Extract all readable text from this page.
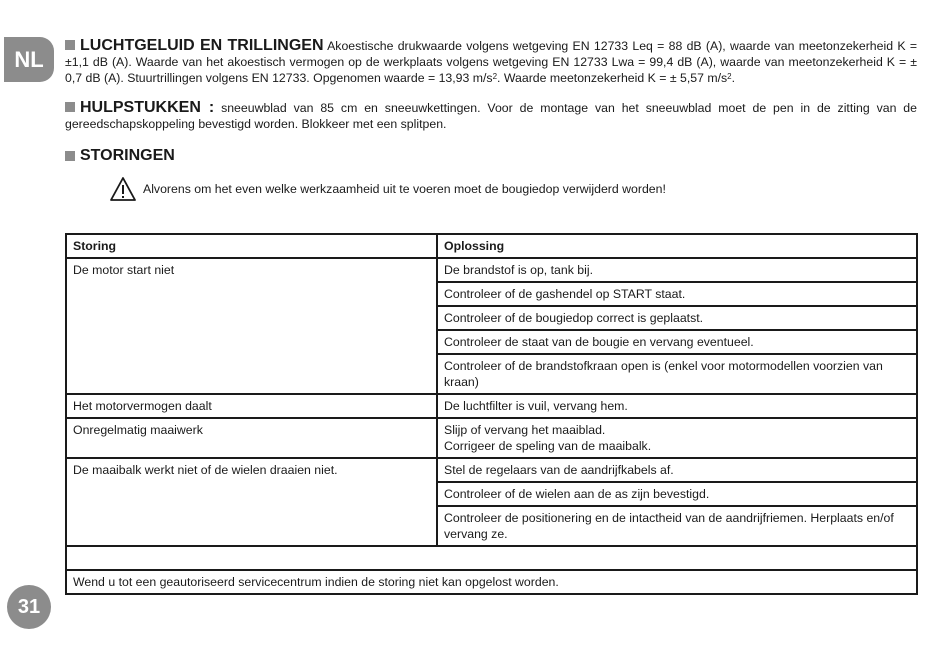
NL

LUCHTGELUID EN TRILLINGEN Akoestische drukwaarde volgens wetgeving EN 12733 Leq = 88 dB (A), waarde van meetonzekerheid K = ±1,1 dB (A). Waarde van het akoestisch vermogen op de werkplaats volgens wetgeving EN 12733 Lwa = 99,4 dB (A), waarde van meetonzekerheid K = ± 0,7 dB (A). Stuurtrillingen volgens EN 12733. Opgenomen waarde = 13,93 $m/s^2$. Waarde meetonzekerheid K = ± 5,57 $m/s^2$.

HULPSTUKKEN : sneeuwblad van 85 cm en sneeuwkettingen. Voor de montage van het sneeuwblad moet de pen in de zitting van de gereedschapskoppeling bevestigd worden. Blokkeer met een splitpen.

STORINGEN
Alvorens om het even welke werkzaamheid uit te voeren moet de bougiedop verwijderd worden!
Storing	Oplossing
De motor start niet	De brandstof is op, tank bij.
	Controleer of de gashendel op START staat.
	Controleer of de bougiedop correct is geplaatst.
	Controleer de staat van de bougie en vervang eventueel.
	Controleer of de brandstofkraan open is (enkel voor motormodellen voorzien van kraan)
Het motorvermogen daalt	De luchtfilter is vuil, vervang hem.
Onregelmatig maaiwerk	Slijp of vervang het maaiblad.
Corrigeer de speling van de maaibalk.
De maaibalk werkt niet of de wielen draaien niet.	Stel de regelaars van de aandrijfkabels af.
	Controleer of de wielen aan de as zijn bevestigd.
	Controleer de positionering en de intactheid van de aandrijfriemen. Herplaats en/of vervang ze.

Wend u tot een geautoriseerd servicecentrum indien de storing niet kan opgelost worden.	
31
